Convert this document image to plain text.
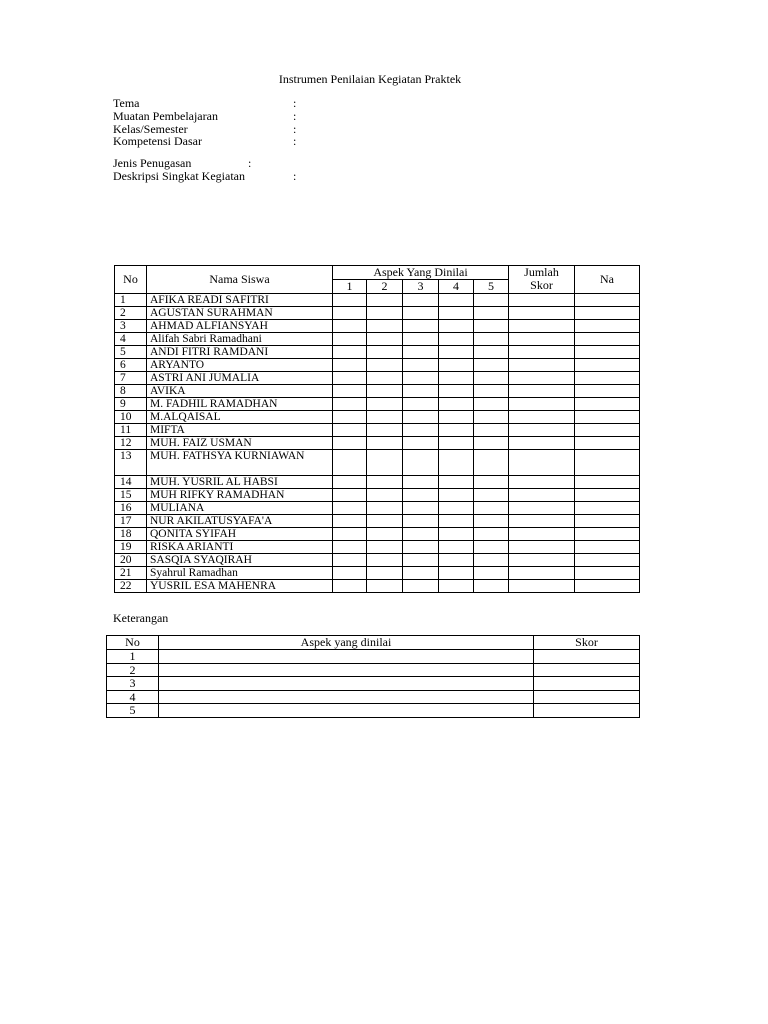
Instrumen Penilaian Kegiatan Praktek
Tema	:
Muatan Pembelajaran	:
Kelas/Semester	:
Kompetensi Dasar	:
Jenis Penugasan	:
Deskripsi Singkat Kegiatan	:
No	Nama Siswa	Aspek Yang Dinilai					Jumlah Skor	Na
		1	2	3	4	5		
1	AFIKA READI SAFITRI							
2	AGUSTAN SURAHMAN							
3	AHMAD ALFIANSYAH							
4	Alifah Sabri Ramadhani							
5	ANDI FITRI RAMDANI							
6	ARYANTO							
7	ASTRI ANI JUMALIA							
8	AVIKA							
9	M. FADHIL RAMADHAN							
10	M.ALQAISAL							
11	MIFTA							
12	MUH. FAIZ USMAN							
13	MUH. FATHSYA KURNIAWAN							
14	MUH. YUSRIL AL HABSI							
15	MUH RIFKY RAMADHAN							
16	MULIANA							
17	NUR AKILATUSYAFA'A							
18	QONITA SYIFAH							
19	RISKA ARIANTI							
20	SASQIA SYAQIRAH							
21	Syahrul Ramadhan							
22	YUSRIL ESA MAHENRA							
Keterangan
No	Aspek yang dinilai	Skor
1		
2		
3		
4		
5		
